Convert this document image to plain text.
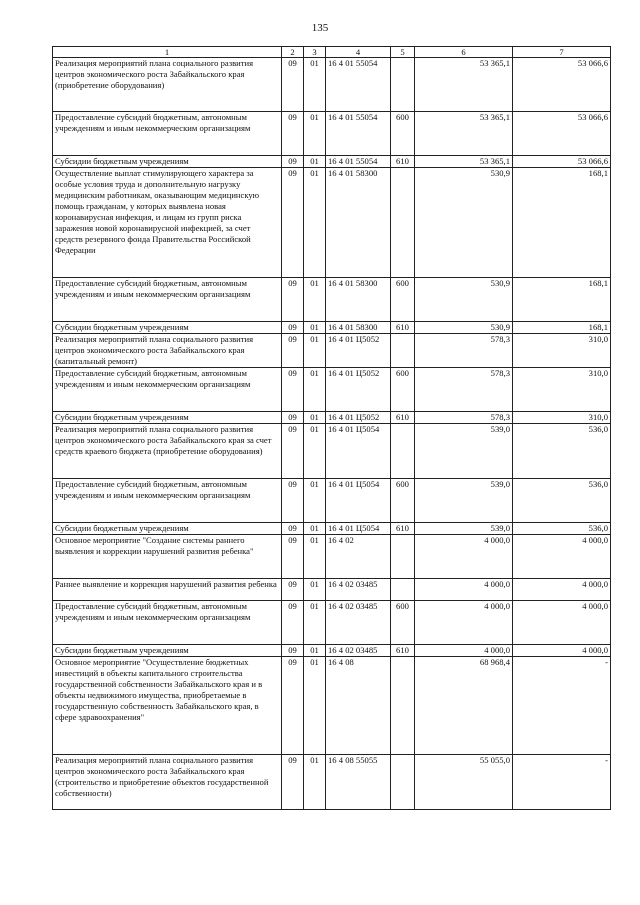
135
1	2	3	4	5	6	7
Реализация мероприятий плана социального развития центров экономического роста Забайкальского края (приобретение оборудования)	09	01	16 4 01 55054		53 365,1	53 066,6
Предоставление субсидий бюджетным, автономным учреждениям и иным некоммерческим организациям	09	01	16 4 01 55054	600	53 365,1	53 066,6
Субсидии бюджетным учреждениям	09	01	16 4 01 55054	610	53 365,1	53 066,6
Осуществление выплат стимулирующего характера за особые условия труда и дополнительную нагрузку медицинским работникам, оказывающим медицинскую помощь гражданам, у которых выявлена новая коронавирусная инфекция, и лицам из групп риска заражения новой коронавирусной инфекцией, за счет средств резервного фонда Правительства Российской Федерации	09	01	16 4 01 58300		530,9	168,1
Предоставление субсидий бюджетным, автономным учреждениям и иным некоммерческим организациям	09	01	16 4 01 58300	600	530,9	168,1
Субсидии бюджетным учреждениям	09	01	16 4 01 58300	610	530,9	168,1
Реализация мероприятий плана социального развития центров экономического роста Забайкальского края (капитальный ремонт)	09	01	16 4 01 Ц5052		578,3	310,0
Предоставление субсидий бюджетным, автономным учреждениям и иным некоммерческим организациям	09	01	16 4 01 Ц5052	600	578,3	310,0
Субсидии бюджетным учреждениям	09	01	16 4 01 Ц5052	610	578,3	310,0
Реализация мероприятий плана социального развития центров экономического роста Забайкальского края за счет средств краевого бюджета (приобретение оборудования)	09	01	16 4 01 Ц5054		539,0	536,0
Предоставление субсидий бюджетным, автономным учреждениям и иным некоммерческим организациям	09	01	16 4 01 Ц5054	600	539,0	536,0
Субсидии бюджетным учреждениям	09	01	16 4 01 Ц5054	610	539,0	536,0
Основное мероприятие "Создание системы раннего выявления и коррекции нарушений развития ребенка"	09	01	16 4 02		4 000,0	4 000,0
Раннее выявление и коррекция нарушений развития ребенка	09	01	16 4 02 03485		4 000,0	4 000,0
Предоставление субсидий бюджетным, автономным учреждениям и иным некоммерческим организациям	09	01	16 4 02 03485	600	4 000,0	4 000,0
Субсидии бюджетным учреждениям	09	01	16 4 02 03485	610	4 000,0	4 000,0
Основное мероприятие "Осуществление бюджетных инвестиций в объекты капитального строительства государственной собственности Забайкальского края и в объекты недвижимого имущества, приобретаемые в государственную собственность Забайкальского края, в сфере здравоохранения"	09	01	16 4 08		68 968,4	-
Реализация мероприятий плана социального развития центров экономического роста Забайкальского края (строительство и приобретение объектов государственной собственности)	09	01	16 4 08 55055		55 055,0	-
